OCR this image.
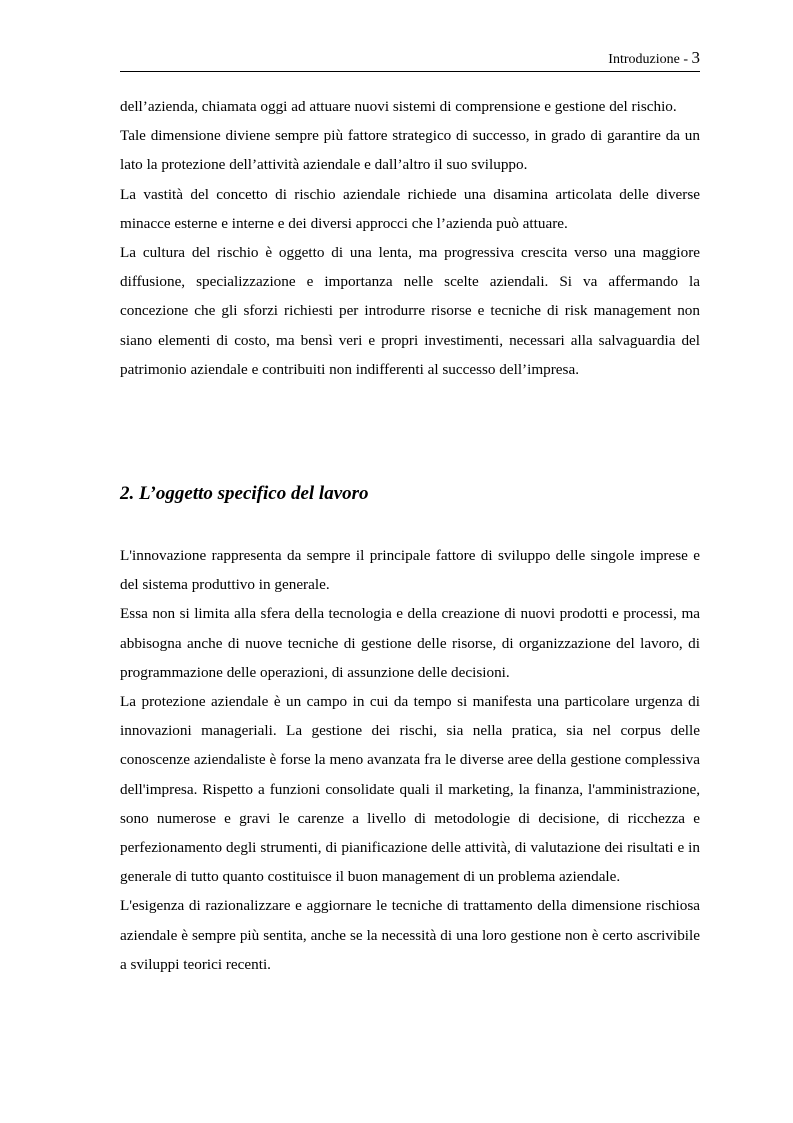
Introduzione - 3

dell’azienda, chiamata oggi ad attuare nuovi sistemi di comprensione e gestione del rischio.

Tale dimensione diviene sempre più fattore strategico di successo, in grado di garantire da un lato la protezione dell’attività aziendale e dall’altro il suo sviluppo.

La vastità del concetto di rischio aziendale richiede una disamina articolata delle diverse minacce esterne e interne e dei diversi approcci che l’azienda può attuare.

La cultura del rischio è oggetto di una lenta, ma progressiva crescita verso una maggiore diffusione, specializzazione e importanza nelle scelte aziendali. Si va affermando la concezione che gli sforzi richiesti per introdurre risorse e tecniche di risk management non siano elementi di costo, ma bensì veri e propri investimenti, necessari alla salvaguardia del patrimonio aziendale e contribuiti non indifferenti al successo dell’impresa.

2. L’oggetto specifico del lavoro

L'innovazione rappresenta da sempre il principale fattore di sviluppo delle singole imprese e del sistema produttivo in generale.

Essa non si limita alla sfera della tecnologia e della creazione di nuovi prodotti e processi, ma abbisogna anche di nuove tecniche di gestione delle risorse, di organizzazione del lavoro, di programmazione delle operazioni, di assunzione delle decisioni.

La protezione aziendale è un campo in cui da tempo si manifesta una particolare urgenza di innovazioni manageriali. La gestione dei rischi, sia nella pratica, sia nel corpus delle conoscenze aziendaliste è forse la meno avanzata fra le diverse aree della gestione complessiva dell'impresa. Rispetto a funzioni consolidate quali il marketing, la finanza, l'amministrazione, sono numerose e gravi le carenze a livello di metodologie di decisione, di ricchezza e perfezionamento degli strumenti, di pianificazione delle attività, di valutazione dei risultati e in generale di tutto quanto costituisce il buon management di un problema aziendale.

L'esigenza di razionalizzare e aggiornare le tecniche di trattamento della dimensione rischiosa aziendale è sempre più sentita, anche se la necessità di una loro gestione non è certo ascrivibile a sviluppi teorici recenti.
